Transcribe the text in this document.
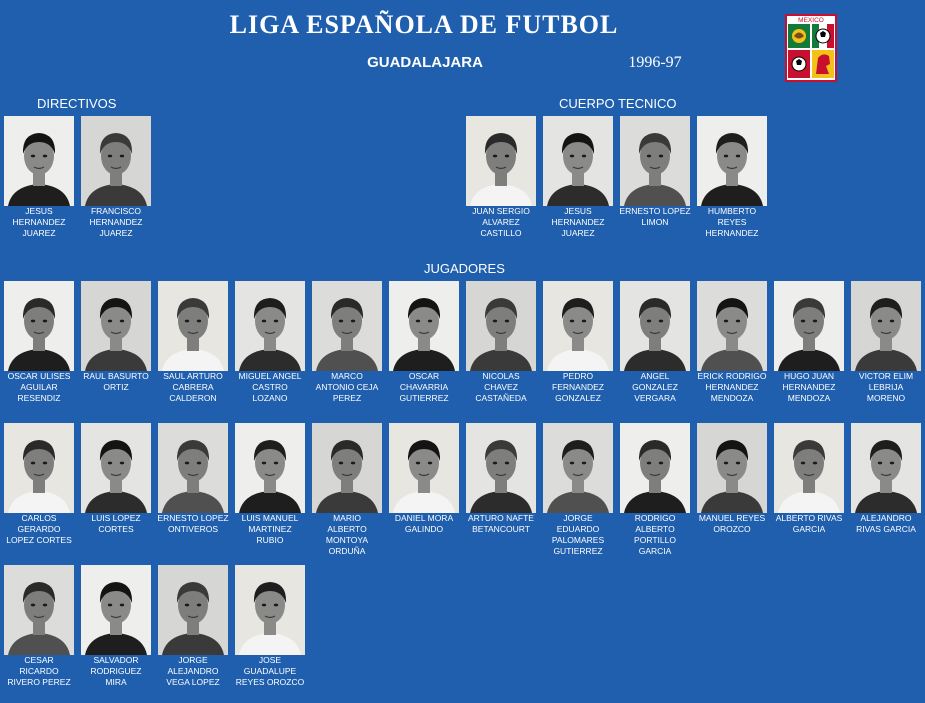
LIGA ESPAÑOLA DE FUTBOL
GUADALAJARA	1996-97
MEXICO
DIRECTIVOS	CUERPO TECNICO
JUGADORES
JESUS
HERNANDEZ
JUAREZ
FRANCISCO
HERNANDEZ
JUAREZ
JUAN SERGIO
ALVAREZ
CASTILLO
JESUS
HERNANDEZ
JUAREZ
ERNESTO LOPEZ
LIMON
HUMBERTO
REYES
HERNANDEZ
OSCAR ULISES
AGUILAR
RESENDIZ
RAUL BASURTO
ORTIZ
SAUL ARTURO
CABRERA
CALDERON
MIGUEL ANGEL
CASTRO
LOZANO
MARCO
ANTONIO CEJA
PEREZ
OSCAR
CHAVARRIA
GUTIERREZ
NICOLAS
CHAVEZ
CASTAÑEDA
PEDRO
FERNANDEZ
GONZALEZ
ANGEL
GONZALEZ
VERGARA
ERICK RODRIGO
HERNANDEZ
MENDOZA
HUGO JUAN
HERNANDEZ
MENDOZA
VICTOR ELIM
LEBRIJA
MORENO
CARLOS
GERARDO
LOPEZ CORTES
LUIS LOPEZ
CORTES
ERNESTO LOPEZ
ONTIVEROS
LUIS MANUEL
MARTINEZ
RUBIO
MARIO
ALBERTO
MONTOYA
ORDUÑA
DANIEL MORA
GALINDO
ARTURO NAFTE
BETANCOURT
JORGE
EDUARDO
PALOMARES
GUTIERREZ
RODRIGO
ALBERTO
PORTILLO
GARCIA
MANUEL REYES
OROZCO
ALBERTO RIVAS
GARCIA
ALEJANDRO
RIVAS GARCIA
CESAR
RICARDO
RIVERO PEREZ
SALVADOR
RODRIGUEZ
MIRA
JORGE
ALEJANDRO
VEGA LOPEZ
JOSE
GUADALUPE
REYES OROZCO
